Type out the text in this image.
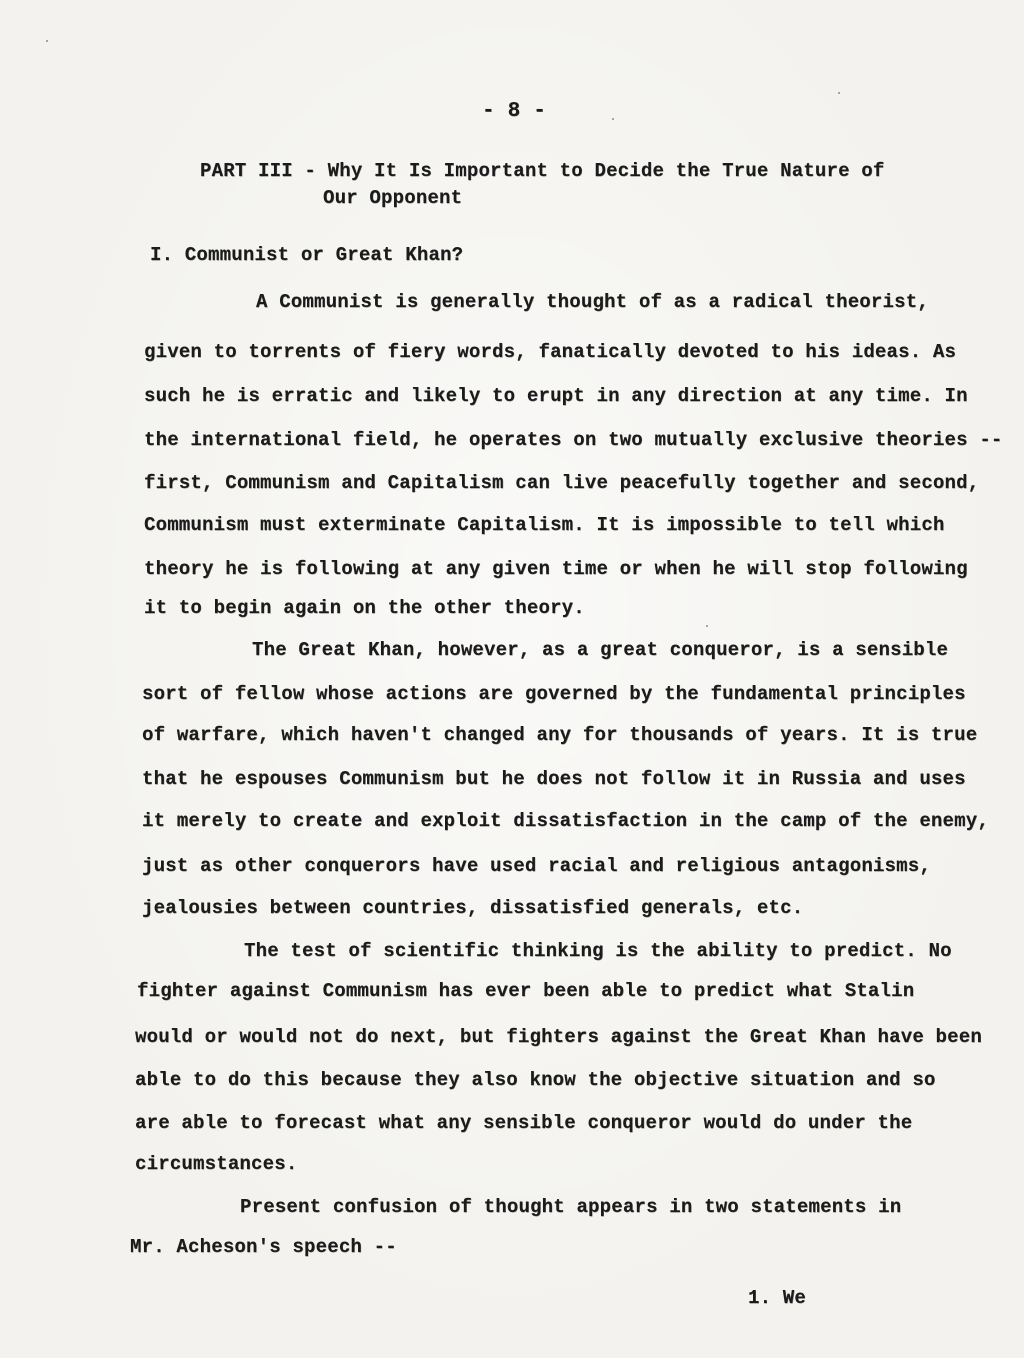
- 8 -
PART III - Why It Is Important to Decide the True Nature of
Our Opponent
I. Communist or Great Khan?
A Communist is generally thought of as a radical theorist,
given to torrents of fiery words, fanatically devoted to his ideas. As
such he is erratic and likely to erupt in any direction at any time. In
the international field, he operates on two mutually exclusive theories --
first, Communism and Capitalism can live peacefully together and second,
Communism must exterminate Capitalism. It is impossible to tell which
theory he is following at any given time or when he will stop following
it to begin again on the other theory.
The Great Khan, however, as a great conqueror, is a sensible
sort of fellow whose actions are governed by the fundamental principles
of warfare, which haven't changed any for thousands of years. It is true
that he espouses Communism but he does not follow it in Russia and uses
it merely to create and exploit dissatisfaction in the camp of the enemy,
just as other conquerors have used racial and religious antagonisms,
jealousies between countries, dissatisfied generals, etc.
The test of scientific thinking is the ability to predict. No
fighter against Communism has ever been able to predict what Stalin
would or would not do next, but fighters against the Great Khan have been
able to do this because they also know the objective situation and so
are able to forecast what any sensible conqueror would do under the
circumstances.
Present confusion of thought appears in two statements in
Mr. Acheson's speech --
1. We
